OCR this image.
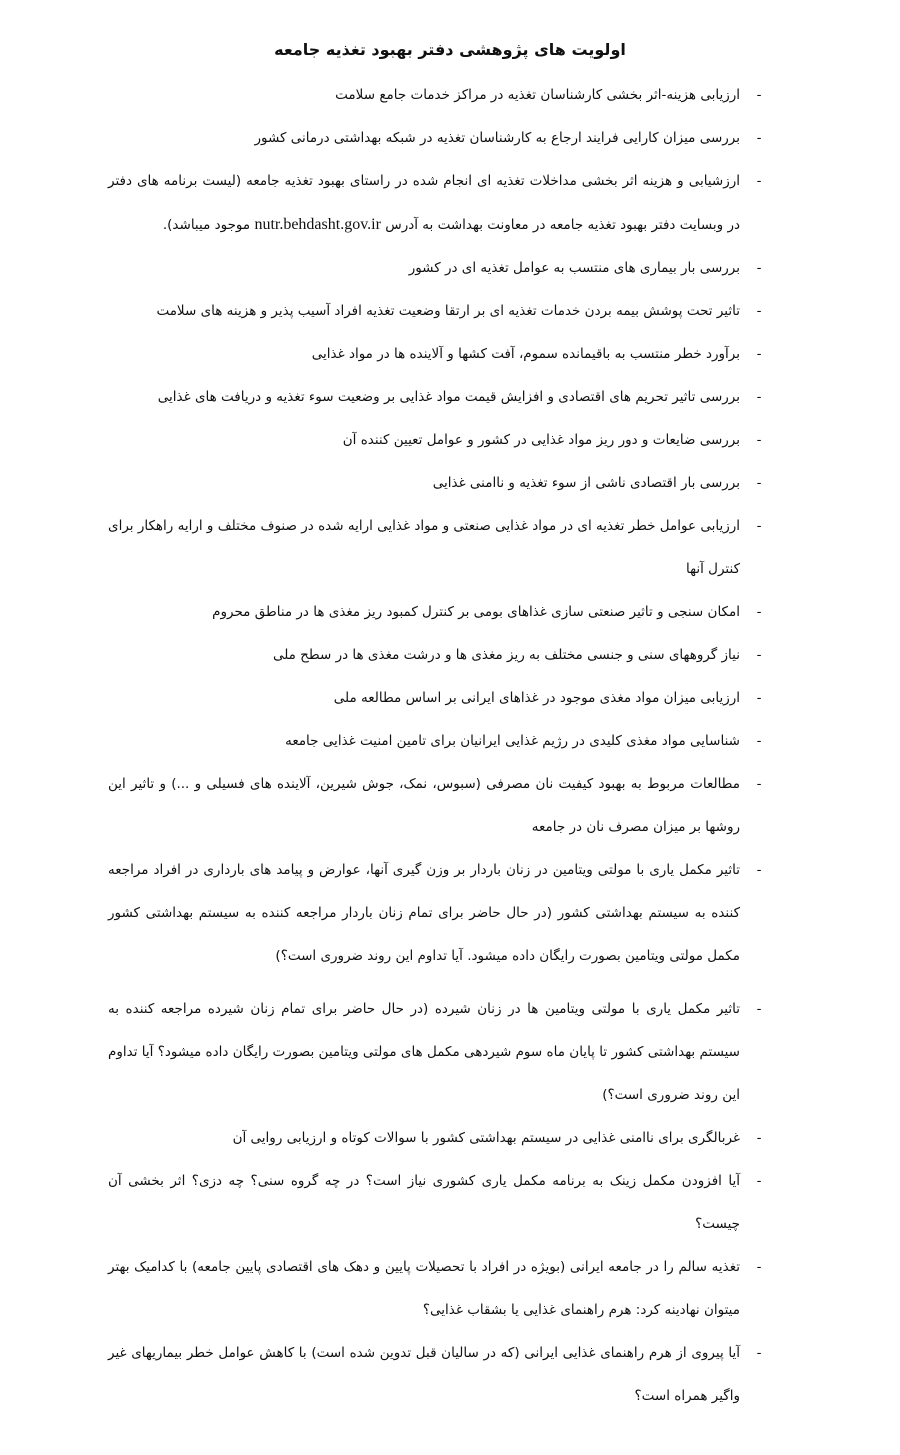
اولویت های پژوهشی دفتر بهبود تغذیه جامعه
-
ارزیابی هزینه-اثر بخشی کارشناسان تغذیه در مراکز خدمات جامع سلامت
-
بررسی میزان کارایی فرایند ارجاع به کارشناسان تغذیه در شبکه بهداشتی درمانی کشور
-
ارزشیابی و هزینه اثر بخشی مداخلات تغذیه ای انجام شده در راستای بهبود تغذیه جامعه (لیست برنامه های دفتر در وبسایت دفتر بهبود تغذیه جامعه در معاونت بهداشت به آدرس nutr.behdasht.gov.ir موجود میباشد).
-
بررسی بار بیماری های منتسب به عوامل تغذیه ای در کشور
-
تاثیر تحت پوشش بیمه بردن خدمات تغذیه ای بر ارتقا وضعیت تغذیه افراد آسیب پذیر و هزینه های سلامت
-
برآورد خطر منتسب به باقیمانده سموم، آفت کشها و آلاینده ها در مواد غذایی
-
بررسی تاثیر تحریم های اقتصادی و افزایش قیمت مواد غذایی بر وضعیت سوء تغذیه و دریافت های غذایی
-
بررسی ضایعات و دور ریز مواد غذایی در کشور و عوامل تعیین کننده آن
-
بررسی بار اقتصادی ناشی از سوء تغذیه و ناامنی غذایی
-
ارزیابی عوامل خطر تغذیه ای در مواد غذایی صنعتی و مواد غذایی ارایه شده در صنوف مختلف و ارایه راهکار برای کنترل آنها
-
امکان سنجی و تاثیر صنعتی سازی غذاهای بومی بر کنترل کمبود ریز مغذی ها در مناطق محروم
-
نیاز گروههای سنی و جنسی مختلف به ریز مغذی ها و درشت مغذی ها در سطح ملی
-
ارزیابی میزان مواد مغذی موجود در غذاهای ایرانی بر اساس مطالعه ملی
-
شناسایی مواد مغذی کلیدی در رژیم غذایی ایرانیان برای تامین امنیت غذایی جامعه
-
مطالعات مربوط به بهبود کیفیت نان مصرفی (سبوس، نمک، جوش شیرین، آلاینده های فسیلی و ...) و تاثیر این روشها بر میزان مصرف نان در جامعه
-
تاثیر مکمل یاری با مولتی ویتامین در زنان باردار بر وزن گیری آنها، عوارض و پیامد های بارداری در افراد مراجعه کننده به سیستم بهداشتی کشور (در حال حاضر برای تمام زنان باردار مراجعه کننده به سیستم بهداشتی کشور مکمل مولتی ویتامین بصورت رایگان داده میشود. آیا تداوم این روند ضروری است؟)
-
تاثیر مکمل یاری با مولتی ویتامین ها در زنان شیرده (در حال حاضر برای تمام زنان شیرده مراجعه کننده به سیستم بهداشتی کشور تا پایان ماه سوم شیردهی مکمل های مولتی ویتامین بصورت رایگان داده میشود؟ آیا تداوم این روند ضروری است؟)
-
غربالگری برای ناامنی غذایی در سیستم بهداشتی کشور با سوالات کوتاه و ارزیابی روایی آن
-
آیا افزودن مکمل زینک به برنامه مکمل یاری کشوری نیاز است؟ در چه گروه سنی؟ چه دزی؟ اثر بخشی آن چیست؟
-
تغذیه سالم را در جامعه ایرانی (بویژه در افراد با تحصیلات پایین و دهک های اقتصادی پایین جامعه) با کدامیک بهتر میتوان نهادینه کرد: هرم راهنمای غذایی یا بشقاب غذایی؟
-
آیا پیروی از هرم راهنمای غذایی ایرانی (که در سالیان قبل تدوین شده است) با کاهش عوامل خطر بیماریهای غیر واگیر همراه است؟
